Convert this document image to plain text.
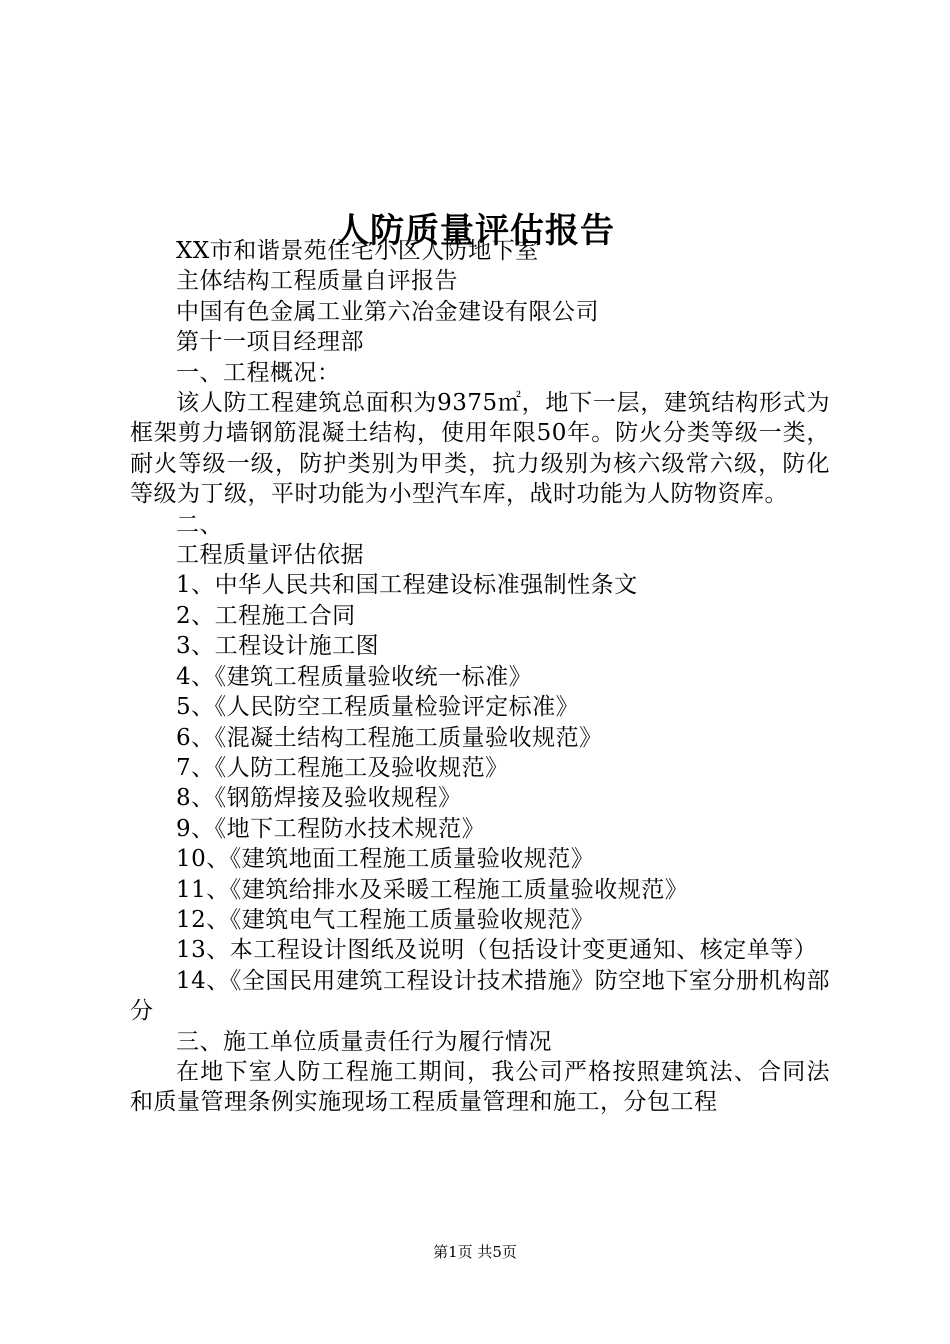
人防质量评估报告

XX市和谐景苑住宅小区人防地下室

主体结构工程质量自评报告

中国有色金属工业第六冶金建设有限公司

第十一项目经理部

一、工程概况：

该人防工程建筑总面积为9375㎡，地下一层，建筑结构形式为框架剪力墙钢筋混凝土结构，使用年限50年。防火分类等级一类，耐火等级一级，防护类别为甲类，抗力级别为核六级常六级，防化等级为丁级，平时功能为小型汽车库，战时功能为人防物资库。

二、

工程质量评估依据

1、中华人民共和国工程建设标准强制性条文

2、工程施工合同

3、工程设计施工图

4、《建筑工程质量验收统一标准》

5、《人民防空工程质量检验评定标准》

6、《混凝土结构工程施工质量验收规范》

7、《人防工程施工及验收规范》

8、《钢筋焊接及验收规程》

9、《地下工程防水技术规范》

10、《建筑地面工程施工质量验收规范》

11、《建筑给排水及采暖工程施工质量验收规范》

12、《建筑电气工程施工质量验收规范》

13、本工程设计图纸及说明（包括设计变更通知、核定单等）

14、《全国民用建筑工程设计技术措施》防空地下室分册机构部分

三、施工单位质量责任行为履行情况

在地下室人防工程施工期间，我公司严格按照建筑法、合同法和质量管理条例实施现场工程质量管理和施工，分包工程

第1页 共5页
